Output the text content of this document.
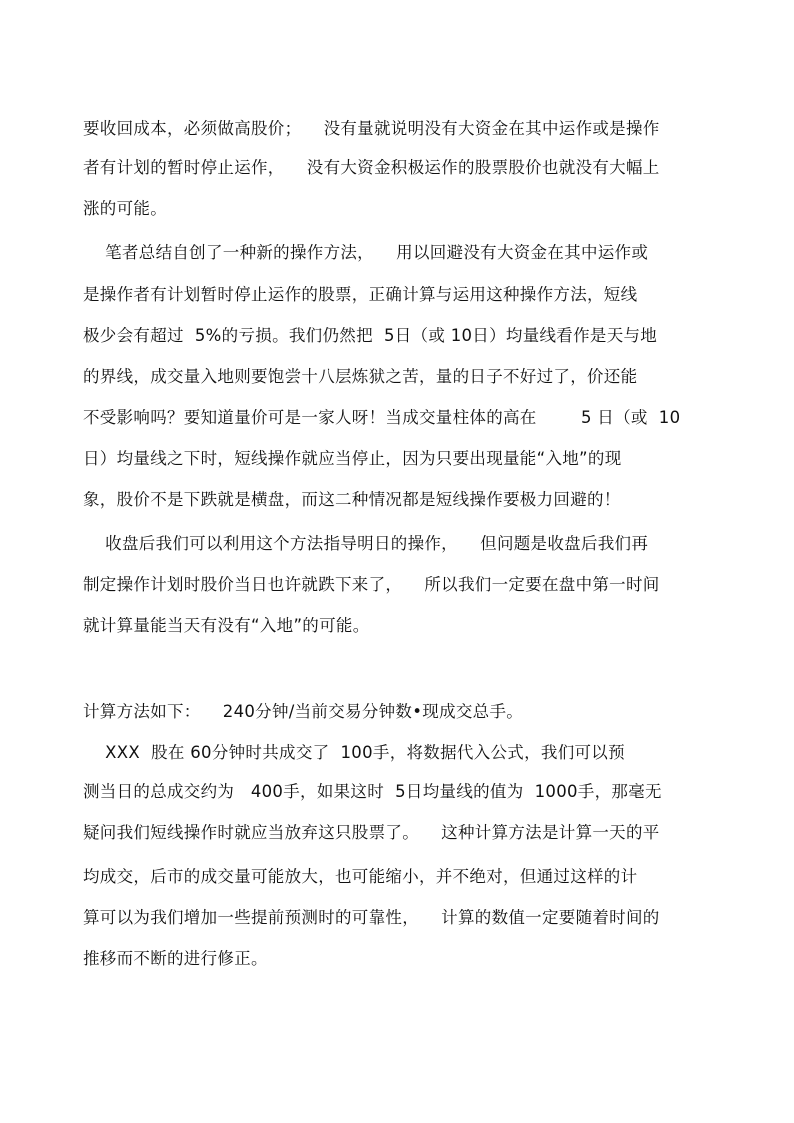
要收回成本，必须做高股价；    没有量就说明没有大资金在其中运作或是操作
者有计划的暂时停止运作，    没有大资金积极运作的股票股价也就没有大幅上
涨的可能。
笔者总结自创了一种新的操作方法，    用以回避没有大资金在其中运作或
是操作者有计划暂时停止运作的股票，正确计算与运用这种操作方法，短线
极少会有超过  5%的亏损。我们仍然把  5日（或 10日）均量线看作是天与地
的界线，成交量入地则要饱尝十八层炼狱之苦，量的日子不好过了，价还能
不受影响吗？要知道量价可是一家人呀！当成交量柱体的高在        5 日（或  10
日）均量线之下时，短线操作就应当停止，因为只要出现量能“入地”的现
象，股价不是下跌就是横盘，而这二种情况都是短线操作要极力回避的！
收盘后我们可以利用这个方法指导明日的操作，    但问题是收盘后我们再
制定操作计划时股价当日也许就跌下来了，    所以我们一定要在盘中第一时间
就计算量能当天有没有“入地”的可能。
计算方法如下：    240分钟/当前交易分钟数•现成交总手。
XXX  股在 60分钟时共成交了  100手，将数据代入公式，我们可以预
测当日的总成交约为   400手，如果这时  5日均量线的值为  1000手，那毫无
疑问我们短线操作时就应当放弃这只股票了。    这种计算方法是计算一天的平
均成交，后市的成交量可能放大，也可能缩小，并不绝对，但通过这样的计
算可以为我们增加一些提前预测时的可靠性，    计算的数值一定要随着时间的
推移而不断的进行修正。
